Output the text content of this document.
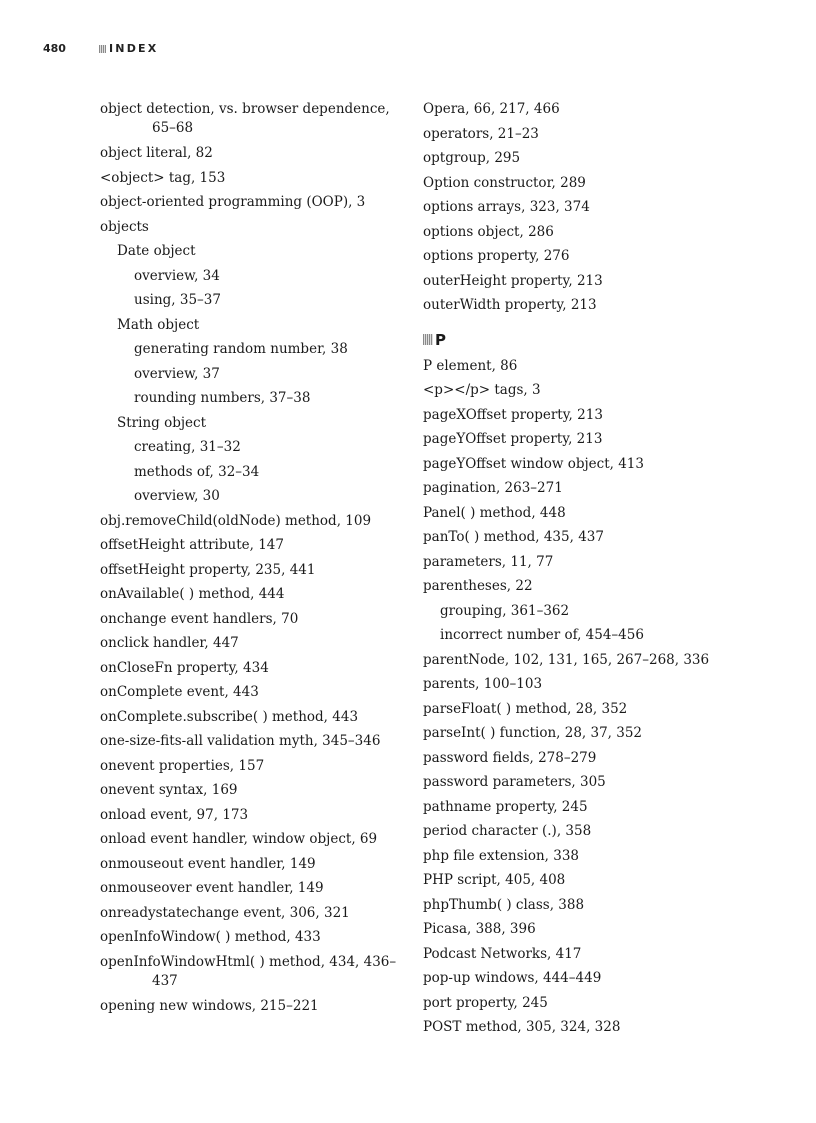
480	INDEX
object detection, vs. browser dependence, 65–68
object literal, 82
<object> tag, 153
object-oriented programming (OOP), 3
objects
Date object
overview, 34
using, 35–37
Math object
generating random number, 38
overview, 37
rounding numbers, 37–38
String object
creating, 31–32
methods of, 32–34
overview, 30
obj.removeChild(oldNode) method, 109
offsetHeight attribute, 147
offsetHeight property, 235, 441
onAvailable( ) method, 444
onchange event handlers, 70
onclick handler, 447
onCloseFn property, 434
onComplete event, 443
onComplete.subscribe( ) method, 443
one-size-fits-all validation myth, 345–346
onevent properties, 157
onevent syntax, 169
onload event, 97, 173
onload event handler, window object, 69
onmouseout event handler, 149
onmouseover event handler, 149
onreadystatechange event, 306, 321
openInfoWindow( ) method, 433
openInfoWindowHtml( ) method, 434, 436–437
opening new windows, 215–221
Opera, 66, 217, 466
operators, 21–23
optgroup, 295
Option constructor, 289
options arrays, 323, 374
options object, 286
options property, 276
outerHeight property, 213
outerWidth property, 213
P
P element, 86
<p></p> tags, 3
pageXOffset property, 213
pageYOffset property, 213
pageYOffset window object, 413
pagination, 263–271
Panel( ) method, 448
panTo( ) method, 435, 437
parameters, 11, 77
parentheses, 22
grouping, 361–362
incorrect number of, 454–456
parentNode, 102, 131, 165, 267–268, 336
parents, 100–103
parseFloat( ) method, 28, 352
parseInt( ) function, 28, 37, 352
password fields, 278–279
password parameters, 305
pathname property, 245
period character (.), 358
php file extension, 338
PHP script, 405, 408
phpThumb( ) class, 388
Picasa, 388, 396
Podcast Networks, 417
pop-up windows, 444–449
port property, 245
POST method, 305, 324, 328
